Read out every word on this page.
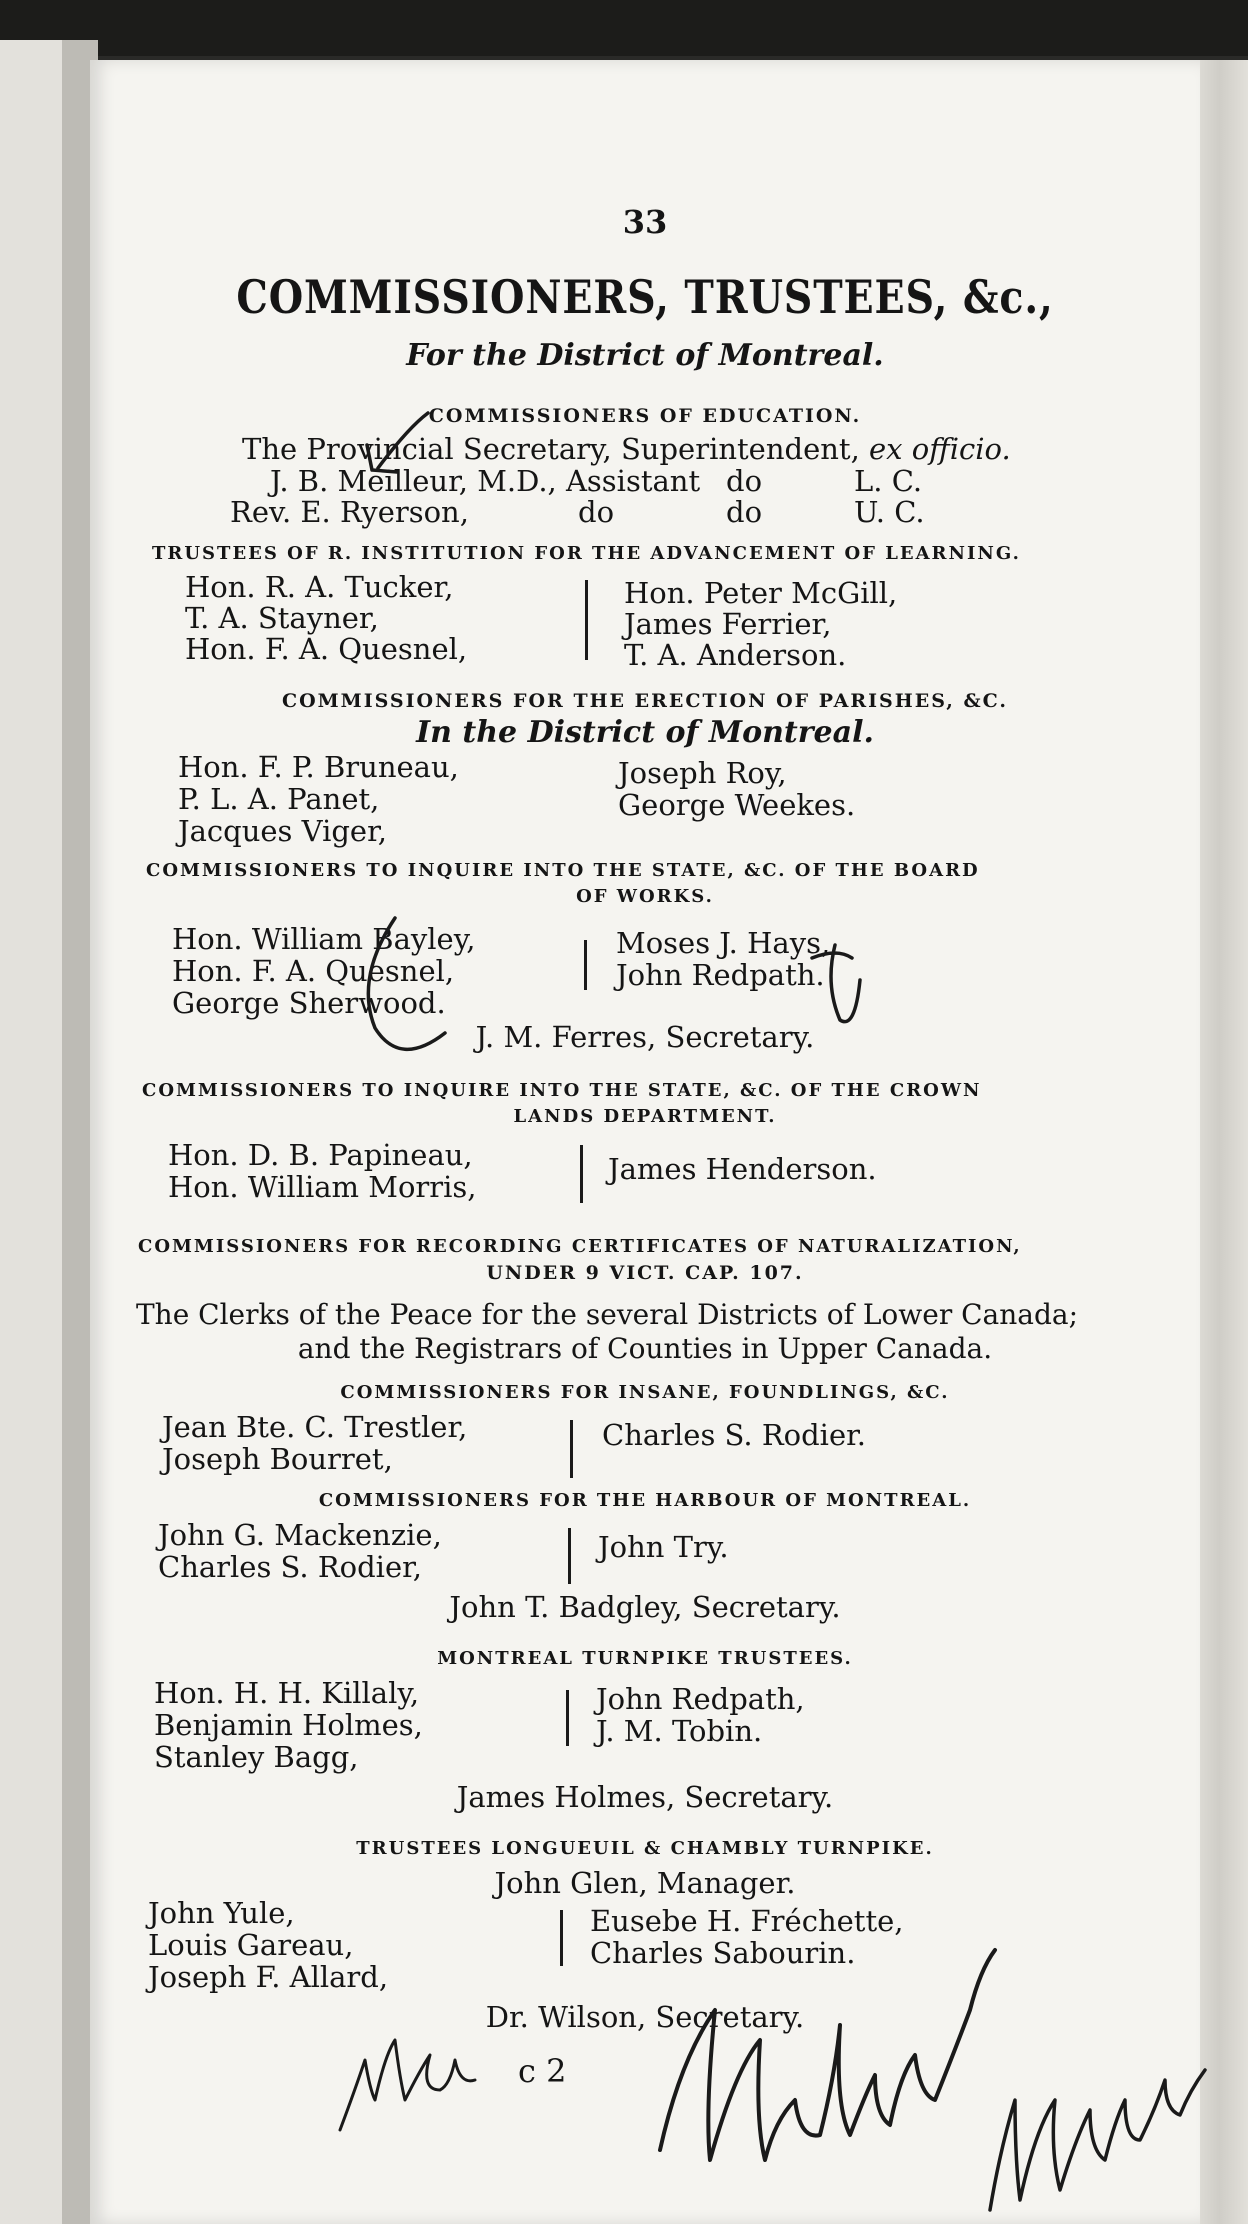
33
COMMISSIONERS, TRUSTEES, &c.,
For the District of Montreal.
COMMISSIONERS OF EDUCATION.
The Provincial Secretary, Superintendent, ex officio.
J. B. Meilleur, M.D., Assistant do	L. C.
Rev. E. Ryerson,	do	do	U. C.
TRUSTEES OF R. INSTITUTION FOR THE ADVANCEMENT OF LEARNING.
Hon. R. A. Tucker,
T. A. Stayner,
Hon. F. A. Quesnel,
Hon. Peter McGill,
James Ferrier,
T. A. Anderson.
COMMISSIONERS FOR THE ERECTION OF PARISHES, &C.
In the District of Montreal.
Hon. F. P. Bruneau,
P. L. A. Panet,
Jacques Viger,
Joseph Roy,
George Weekes.
COMMISSIONERS TO INQUIRE INTO THE STATE, &C. OF THE BOARD
OF WORKS.
Hon. William Bayley,
Hon. F. A. Quesnel,
George Sherwood.
Moses J. Hays,
John Redpath.
J. M. Ferres, Secretary.
COMMISSIONERS TO INQUIRE INTO THE STATE, &C. OF THE CROWN
LANDS DEPARTMENT.
Hon. D. B. Papineau,
Hon. William Morris,
James Henderson.
COMMISSIONERS FOR RECORDING CERTIFICATES OF NATURALIZATION,
UNDER 9 VICT. CAP. 107.
The Clerks of the Peace for the several Districts of Lower Canada;
and the Registrars of Counties in Upper Canada.
COMMISSIONERS FOR INSANE, FOUNDLINGS, &C.
Jean Bte. C. Trestler,
Joseph Bourret,
Charles S. Rodier.
COMMISSIONERS FOR THE HARBOUR OF MONTREAL.
John G. Mackenzie,
Charles S. Rodier,
John Try.
John T. Badgley, Secretary.
MONTREAL TURNPIKE TRUSTEES.
Hon. H. H. Killaly,
Benjamin Holmes,
Stanley Bagg,
John Redpath,
J. M. Tobin.
James Holmes, Secretary.
TRUSTEES LONGUEUIL & CHAMBLY TURNPIKE.
John Glen, Manager.
John Yule,
Louis Gareau,
Joseph F. Allard,
Eusebe H. Fréchette,
Charles Sabourin.
Dr. Wilson, Secretary.
c 2
